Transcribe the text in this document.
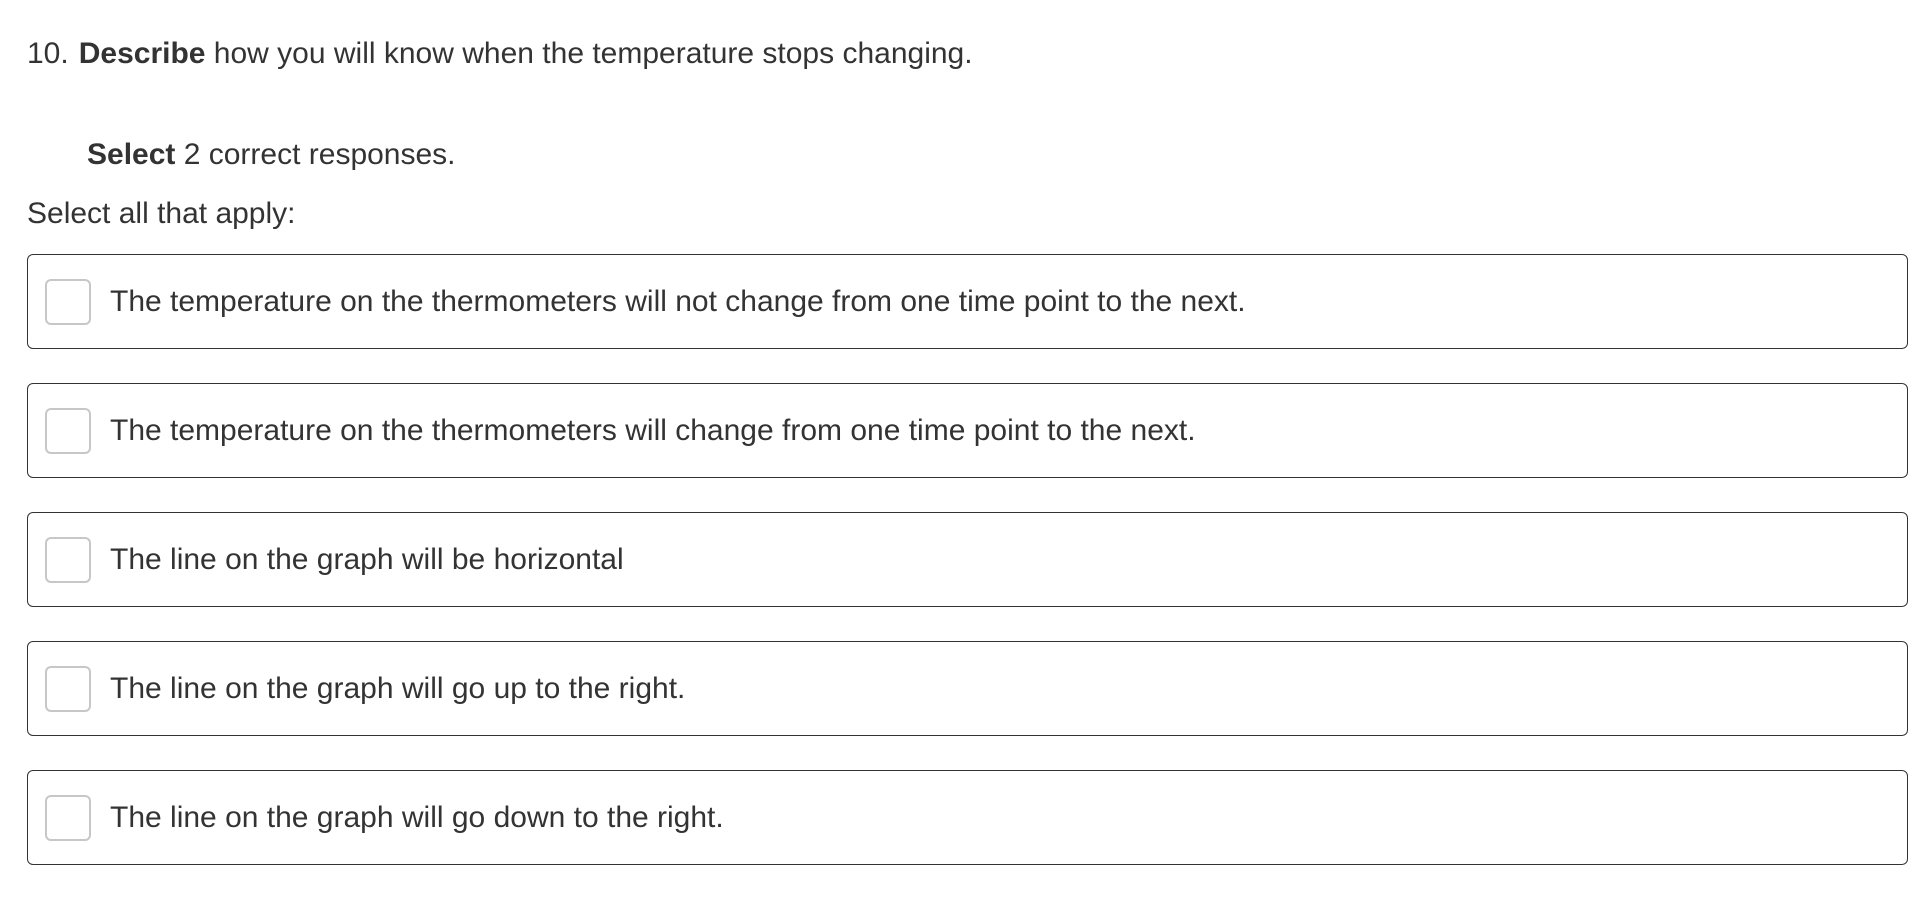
10. Describe how you will know when the temperature stops changing.
Select 2 correct responses.
Select all that apply:
The temperature on the thermometers will not change from one time point to the next.
The temperature on the thermometers will change from one time point to the next.
The line on the graph will be horizontal
The line on the graph will go up to the right.
The line on the graph will go down to the right.
